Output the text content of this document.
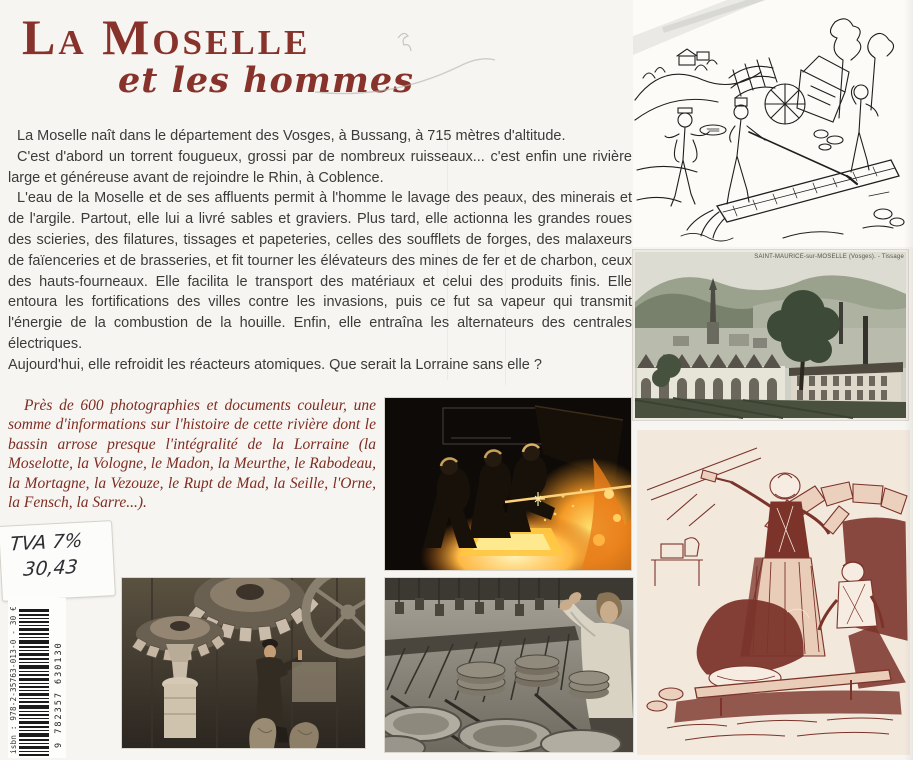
La Moselle
et les hommes

La Moselle naît dans le département des Vosges, à Bussang, à 715 mètres d'altitude.

C'est d'abord un torrent fougueux, grossi par de nombreux ruisseaux... c'est enfin une rivière large et généreuse avant de rejoindre le Rhin, à Coblence.

L'eau de la Moselle et de ses affluents permit à l'homme le lavage des peaux, des minerais et de l'argile. Partout, elle lui a livré sables et graviers. Plus tard, elle actionna les grandes roues des scieries, des filatures, tissages et papeteries, celles des soufflets de forges, des malaxeurs de faïenceries et de brasseries, et fit tourner les élévateurs des mines de fer et de charbon, ceux des hauts-fourneaux. Elle facilita le transport des matériaux et celui des produits finis. Elle entoura les fortifications des villes contre les invasions, puis ce fut sa vapeur qui transmit l'énergie de la combustion de la houille. Enfin, elle entraîna les alternateurs des centrales électriques.

Aujourd'hui, elle refroidit les réacteurs atomiques. Que serait la Lorraine sans elle ?

Près de 600 photographies et documents couleur, une somme d'informations sur l'histoire de cette rivière dont le bassin arrose presque l'intégralité de la Lorraine (la Moselotte, la Vologne, le Madon, la Meurthe, le Rabodeau, la Mortagne, la Vezouze, le Rupt de Mad, la Seille, l'Orne, la Fensch, la Sarre...).
TVA 7%
30,43
isbn : 978-2-35763-013-0 - 30 €	9 782357 630130
SAINT-MAURICE-sur-MOSELLE (Vosges). - Tissage
